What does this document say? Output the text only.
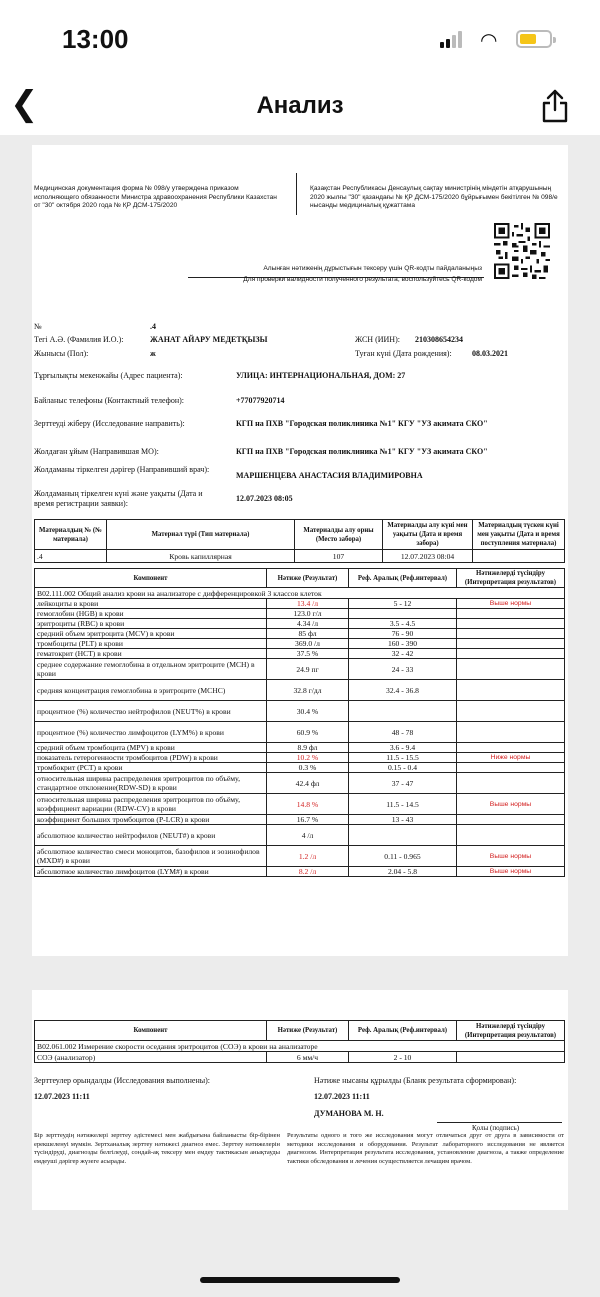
13:00	◠
❮	Анализ
Медицинская документация форма № 098/у утверждена приказом исполняющего обязанности Министра здравоохранения Республики Казахстан от "30" октября 2020 года № ҚР ДСМ-175/2020
Қазақстан Республикасы Денсаулық сақтау министрінің міндетін атқарушының 2020 жылғы "30" қазандағы № ҚР ДСМ-175/2020 бұйрығымен бекітілген № 098/е нысанды медициналық құжаттама
Алынған нәтиженің дұрыстығын тексеру үшін QR-кодты пайдаланыңыз
Для проверки валидности полученного результата, воспользуйтесь QR-кодом
№	.4
Тегі А.Ә. (Фамилия И.О.):	ЖАНАТ АЙАРУ МЕДЕТҚЫЗЫ	ЖСН (ИИН): 210308654234
Жынысы (Пол):	ж	Туған күні (Дата рождения):	08.03.2021
Тұрғылықты мекенжайы (Адрес пациента):	УЛИЦА: ИНТЕРНАЦИОНАЛЬНАЯ, ДОМ: 27
Байланыс телефоны (Контактный телефон):	+77077920714
Зерттеуді жіберу (Исследование направить):	КГП на ПХВ "Городская поликлиника №1" КГУ "УЗ акимата СКО"
Жолдаған ұйым (Направившая МО):	КГП на ПХВ "Городская поликлиника №1" КГУ "УЗ акимата СКО"
Жолдаманы тіркелген дәрігер (Направивший врач):
МАРШЕНЦЕВА АНАСТАСИЯ ВЛАДИМИРОВНА
Жолдаманың тіркелген күні және уақыты (Дата и время регистрации заявки):	12.07.2023 08:05
Материалдың № (№ материала)	Материал түрі (Тип материала)	Материалды алу орны (Место забора)	Материалды алу күні мен уақыты (Дата и время забора)	Материалдың түскен күні мен уақыты (Дата и время поступления материала)
.4	Кровь капиллярная	107	12.07.2023 08:04	
Компонент	Нәтиже (Результат)	Реф. Аралық (Реф.интервал)	Нәтижелерді түсіндіру (Интерпретация результатов)
B02.111.002 Общий анализ крови на анализаторе с дифференцировкой 3 классов клеток			
лейкоциты в крови	13.4 /л	5 - 12	Выше нормы
гемоглобин (HGB) в крови	123.0 г/л		
эритроциты (RBC) в крови	4.34 /л	3.5 - 4.5	
средний объем эритроцита (MCV) в крови	85 фл	76 - 90	
тромбоциты (PLT) в крови	369.0 /л	160 - 390	
гематокрит (HCT) в крови	37.5 %	32 - 42	
среднее содержание гемоглобина в отдельном эритроците (MCH) в крови	24.9 пг	24 - 33	
средняя концентрация гемоглобина в эритроците (MCHC)	32.8 г/дл	32.4 - 36.8	
процентное (%) количество нейтрофилов (NEUT%) в крови	30.4 %		
процентное (%) количество лимфоцитов (LYM%) в крови	60.9 %	48 - 78	
средний объем тромбоцита (MPV) в крови	8.9 фл	3.6 - 9.4	
показатель гетерогенности тромбоцитов (PDW) в крови	10.2 %	11.5 - 15.5	Ниже нормы
тромбокрит (PCT) в крови	0.3 %	0.15 - 0.4	
относительная ширина распределения эритроцитов по объёму, стандартное отклонение(RDW-SD) в крови	42.4 фл	37 - 47	
относительная ширина распределения эритроцитов по объёму, коэффициент вариации (RDW-CV) в крови	14.8 %	11.5 - 14.5	Выше нормы
коэффициент больших тромбоцитов (P-LCR) в крови	16.7 %	13 - 43	
абсолютное количество нейтрофилов (NEUT#) в крови	4 /л		
абсолютное количество смеси моноцитов, базофилов и эозинофилов (MXD#) в крови	1.2 /л	0.11 - 0.965	Выше нормы
абсолютное количество лимфоцитов (LYM#) в крови	8.2 /л	2.04 - 5.8	Выше нормы
Компонент	Нәтиже (Результат)	Реф. Аралық (Реф.интервал)	Нәтижелерді түсіндіру (Интерпретация результатов)
B02.061.002 Измерение скорости оседания эритроцитов (СОЭ) в крови на анализаторе			
СОЭ (анализатор)	6 мм/ч	2 - 10	
Зерттеулер орындалды (Исследования выполнены):
12.07.2023 11:11
Нәтиже нысаны құрылды (Бланк результата сформирован):
12.07.2023 11:11
ДУМАНОВА М. Н.
Қолы (подпись)
Бір зерттеудің нәтижелері зерттеу әдістемесі мен жабдығына байланысты бір-бірінен ерекшеленуі мүмкін. Зертханалық зерттеу нәтижесі диагноз емес. Зерттеу нәтижелерін түсіндіруді, диагнозды белгілеуді, сондай-ақ тексеру мен емдеу тактикасын анықтауды емдеуші дәрігер жүзеге асырады.
Результаты одного и того же исследования могут отличаться друг от друга в зависимости от методики исследования и оборудования. Результат лабораторного исследования не является диагнозом. Интерпретация результата исследования, установление диагноза, а также определение тактики обследования и лечения осуществляется лечащим врачом.
